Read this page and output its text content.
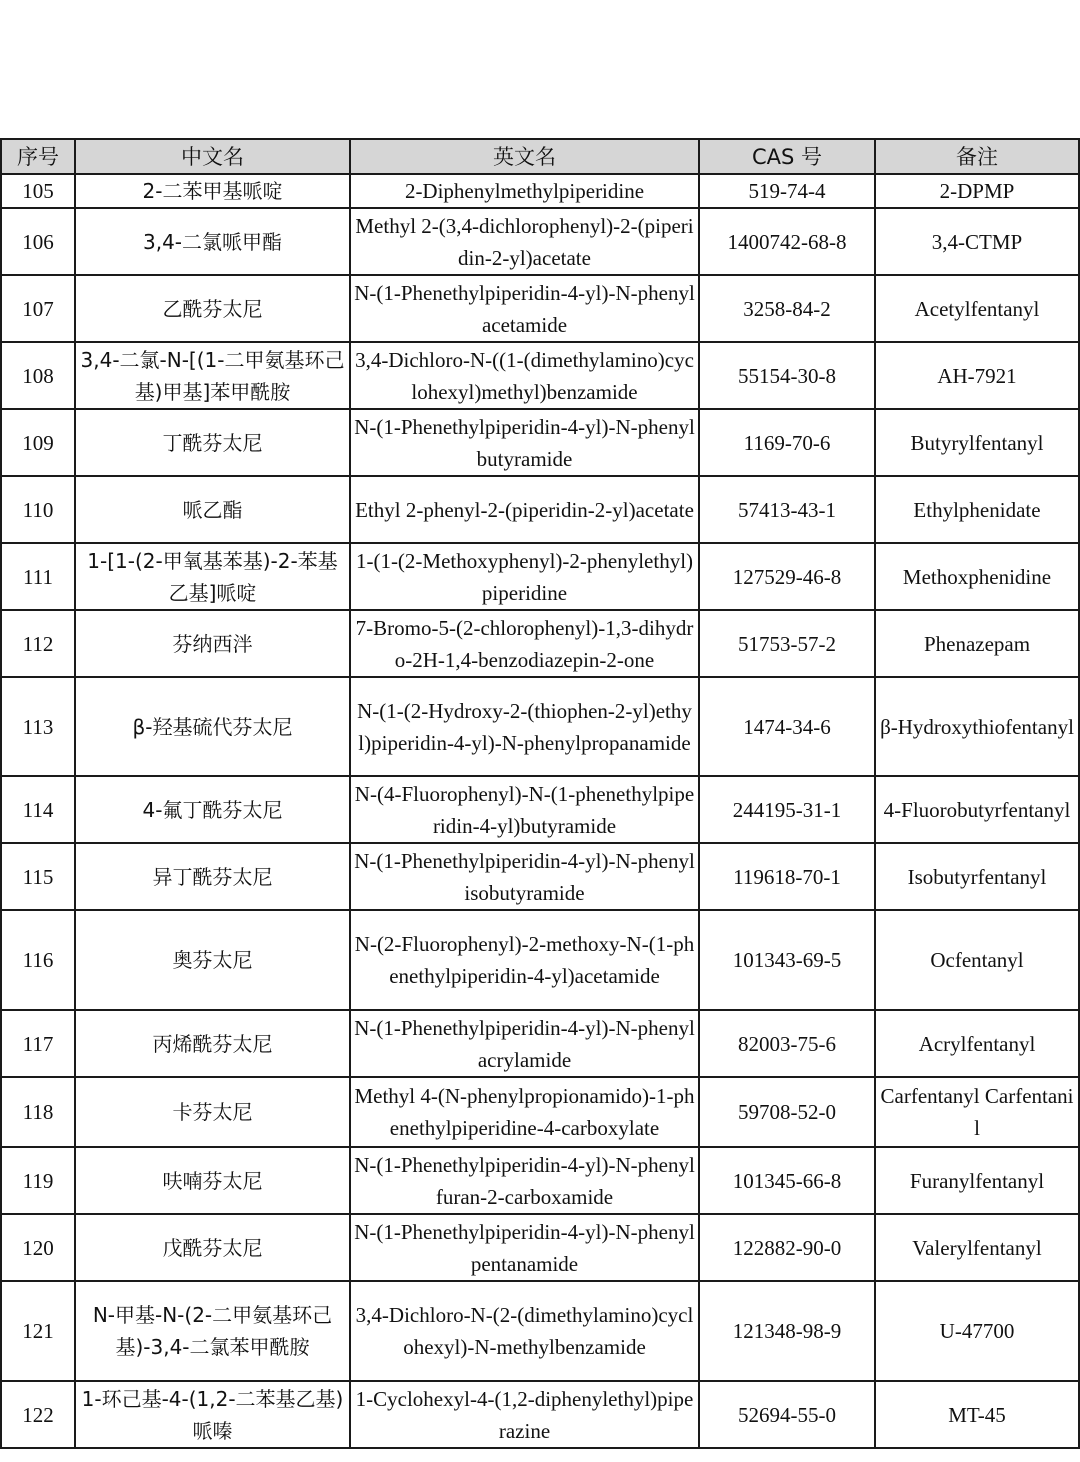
序号	中文名	英文名	CAS 号	备注
105	2-二苯甲基哌啶	2-Diphenylmethylpiperidine	519-74-4	2-DPMP
106	3,4-二氯哌甲酯	Methyl 2-(3,4-dichlorophenyl)-2-(piperidin-2-yl)acetate	1400742-68-8	3,4-CTMP
107	乙酰芬太尼	N-(1-Phenethylpiperidin-4-yl)-N-phenylacetamide	3258-84-2	Acetylfentanyl
108	3,4-二氯-N-[(1-二甲氨基环己基)甲基]苯甲酰胺	3,4-Dichloro-N-((1-(dimethylamino)cyclohexyl)methyl)benzamide	55154-30-8	AH-7921
109	丁酰芬太尼	N-(1-Phenethylpiperidin-4-yl)-N-phenylbutyramide	1169-70-6	Butyrylfentanyl
110	哌乙酯	Ethyl 2-phenyl-2-(piperidin-2-yl)acetate	57413-43-1	Ethylphenidate
111	1-[1-(2-甲氧基苯基)-2-苯基乙基]哌啶	1-(1-(2-Methoxyphenyl)-2-phenylethyl)piperidine	127529-46-8	Methoxphenidine
112	芬纳西泮	7-Bromo-5-(2-chlorophenyl)-1,3-dihydro-2H-1,4-benzodiazepin-2-one	51753-57-2	Phenazepam
113	β-羟基硫代芬太尼	N-(1-(2-Hydroxy-2-(thiophen-2-yl)ethyl)piperidin-4-yl)-N-phenylpropanamide	1474-34-6	β-Hydroxythiofentanyl
114	4-氟丁酰芬太尼	N-(4-Fluorophenyl)-N-(1-phenethylpiperidin-4-yl)butyramide	244195-31-1	4-Fluorobutyrfentanyl
115	异丁酰芬太尼	N-(1-Phenethylpiperidin-4-yl)-N-phenylisobutyramide	119618-70-1	Isobutyrfentanyl
116	奥芬太尼	N-(2-Fluorophenyl)-2-methoxy-N-(1-phenethylpiperidin-4-yl)acetamide	101343-69-5	Ocfentanyl
117	丙烯酰芬太尼	N-(1-Phenethylpiperidin-4-yl)-N-phenylacrylamide	82003-75-6	Acrylfentanyl
118	卡芬太尼	Methyl 4-(N-phenylpropionamido)-1-phenethylpiperidine-4-carboxylate	59708-52-0	Carfentanyl Carfentanil
119	呋喃芬太尼	N-(1-Phenethylpiperidin-4-yl)-N-phenylfuran-2-carboxamide	101345-66-8	Furanylfentanyl
120	戊酰芬太尼	N-(1-Phenethylpiperidin-4-yl)-N-phenylpentanamide	122882-90-0	Valerylfentanyl
121	N-甲基-N-(2-二甲氨基环己基)-3,4-二氯苯甲酰胺	3,4-Dichloro-N-(2-(dimethylamino)cyclohexyl)-N-methylbenzamide	121348-98-9	U-47700
122	1-环己基-4-(1,2-二苯基乙基)哌嗪	1-Cyclohexyl-4-(1,2-diphenylethyl)piperazine	52694-55-0	MT-45
